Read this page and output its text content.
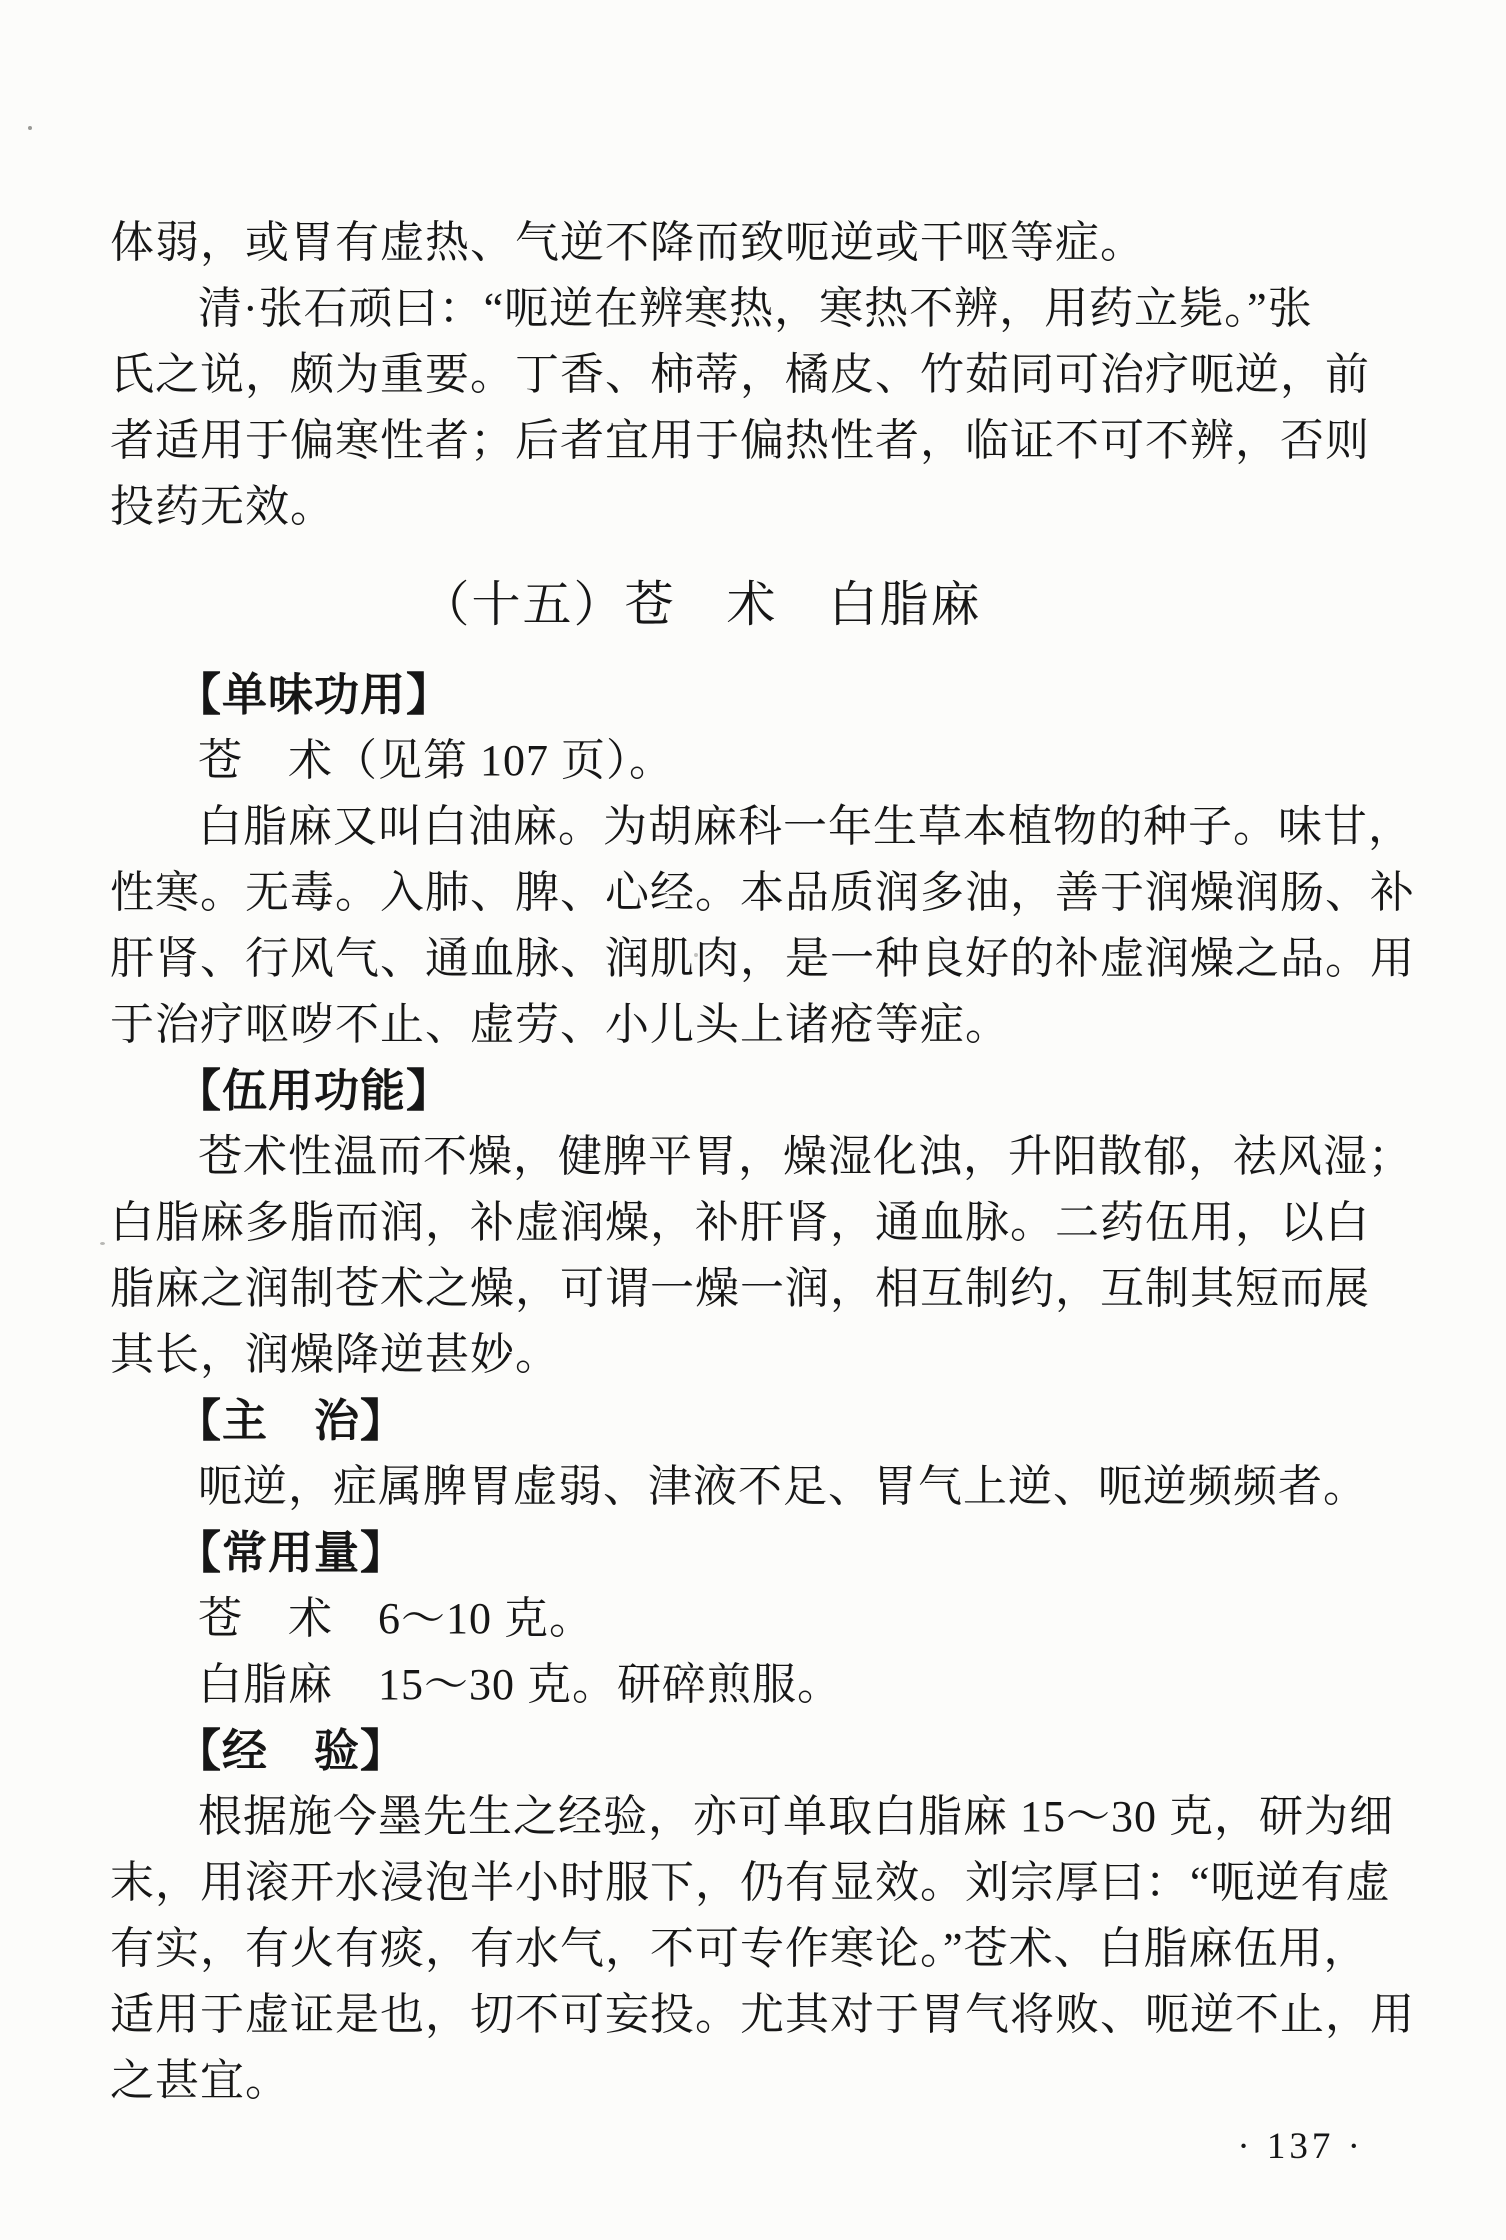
体弱，或胃有虚热、气逆不降而致呃逆或干呕等症。
清·张石顽曰：“呃逆在辨寒热，寒热不辨，用药立毙。”张
氏之说，颇为重要。丁香、柿蒂，橘皮、竹茹同可治疗呃逆，前
者适用于偏寒性者；后者宜用于偏热性者，临证不可不辨，否则
投药无效。
（十五）苍　术　白脂麻
【单味功用】
苍　术（见第 107 页）。
白脂麻又叫白油麻。为胡麻科一年生草本植物的种子。味甘，
性寒。无毒。入肺、脾、心经。本品质润多油，善于润燥润肠、补
肝肾、行风气、通血脉、润肌肉，是一种良好的补虚润燥之品。用
于治疗呕哕不止、虚劳、小儿头上诸疮等症。
【伍用功能】
苍术性温而不燥，健脾平胃，燥湿化浊，升阳散郁，祛风湿；
白脂麻多脂而润，补虚润燥，补肝肾，通血脉。二药伍用，以白
脂麻之润制苍术之燥，可谓一燥一润，相互制约，互制其短而展
其长，润燥降逆甚妙。
【主　治】
呃逆，症属脾胃虚弱、津液不足、胃气上逆、呃逆频频者。
【常用量】
苍　术　6～10 克。
白脂麻　15～30 克。研碎煎服。
【经　验】
根据施今墨先生之经验，亦可单取白脂麻 15～30 克，研为细
末，用滚开水浸泡半小时服下，仍有显效。刘宗厚曰：“呃逆有虚
有实，有火有痰，有水气，不可专作寒论。”苍术、白脂麻伍用，
适用于虚证是也，切不可妄投。尤其对于胃气将败、呃逆不止，用
之甚宜。
· 137 ·
